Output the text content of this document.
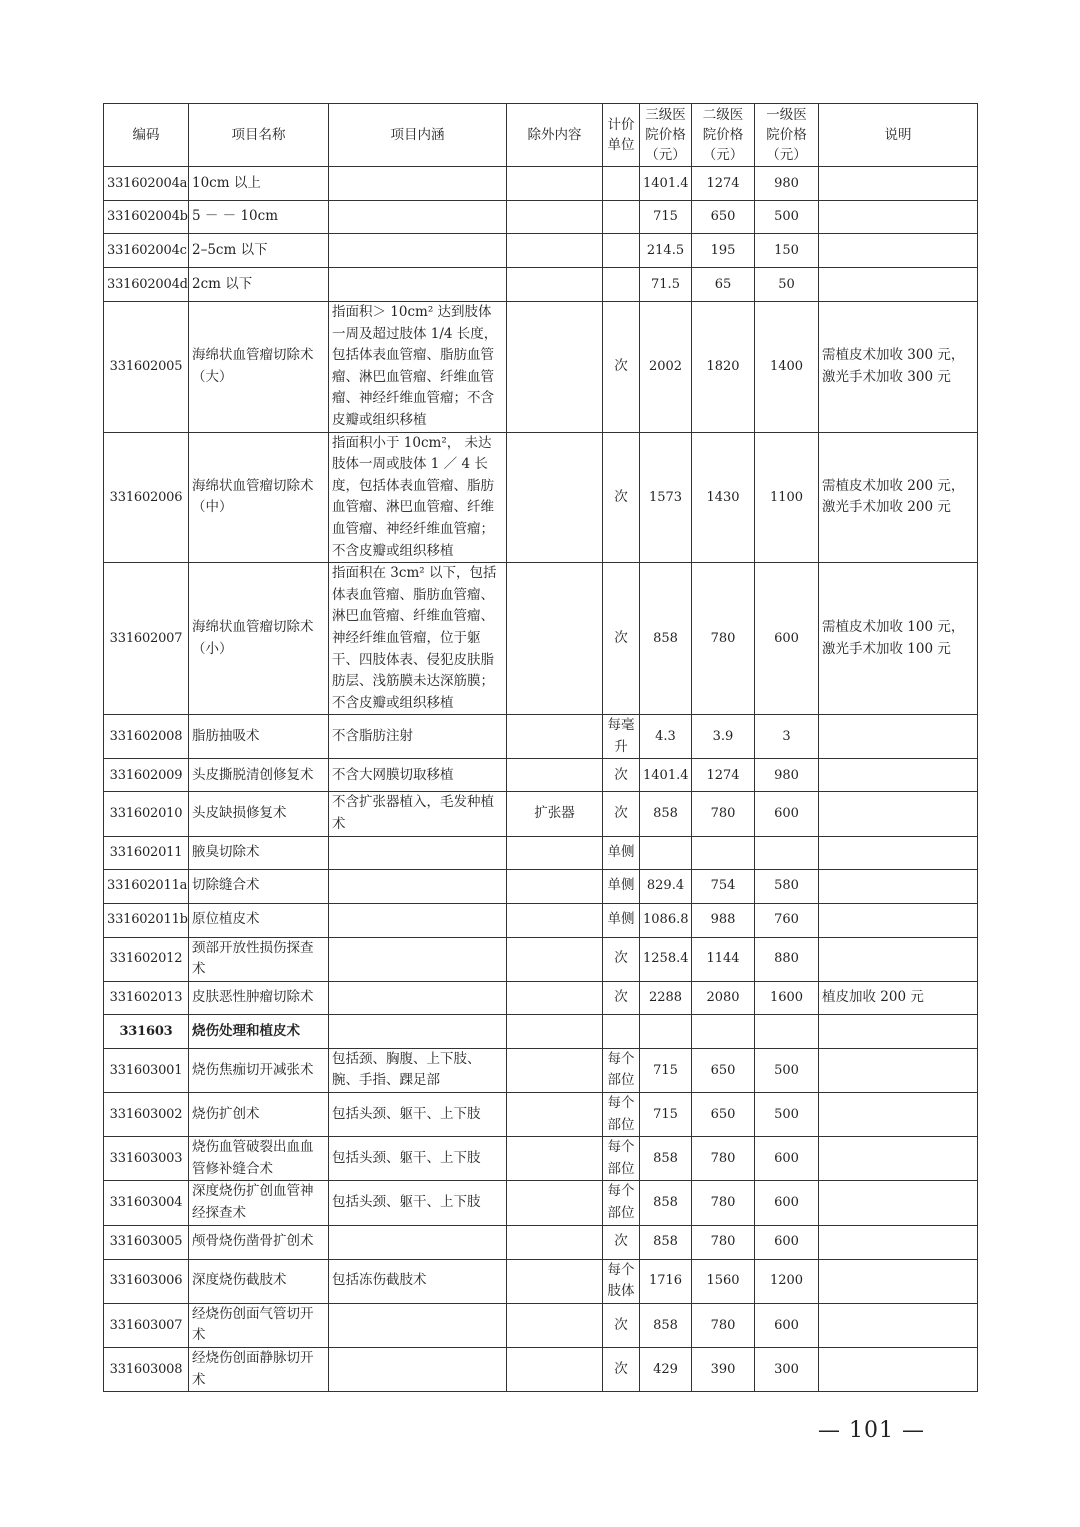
编码	项目名称	项目内涵	除外内容	计价单位	三级医院价格（元）	二级医院价格（元）	一级医院价格（元）	说明
331602004a	10cm 以上				1401.4	1274	980	
331602004b	5 － － 10cm				715	650	500	
331602004c	2–5cm 以下				214.5	195	150	
331602004d	2cm 以下				71.5	65	50	
331602005	海绵状血管瘤切除术（大）	指面积＞ 10cm² 达到肢体一周及超过肢体 1/4 长度，包括体表血管瘤、脂肪血管瘤、淋巴血管瘤、纤维血管瘤、神经纤维血管瘤；不含皮瓣或组织移植		次	2002	1820	1400	需植皮术加收 300 元，激光手术加收 300 元
331602006	海绵状血管瘤切除术（中）	指面积小于 10cm²， 未达肢体一周或肢体 1 ／ 4 长度，包括体表血管瘤、脂肪血管瘤、淋巴血管瘤、纤维血管瘤、神经纤维血管瘤；不含皮瓣或组织移植		次	1573	1430	1100	需植皮术加收 200 元，激光手术加收 200 元
331602007	海绵状血管瘤切除术（小）	指面积在 3cm² 以下，包括体表血管瘤、脂肪血管瘤、淋巴血管瘤、纤维血管瘤、神经纤维血管瘤，位于躯干、四肢体表、侵犯皮肤脂肪层、浅筋膜未达深筋膜；不含皮瓣或组织移植		次	858	780	600	需植皮术加收 100 元，激光手术加收 100 元
331602008	脂肪抽吸术	不含脂肪注射		每毫升	4.3	3.9	3	
331602009	头皮撕脱清创修复术	不含大网膜切取移植		次	1401.4	1274	980	
331602010	头皮缺损修复术	不含扩张器植入，毛发种植术	扩张器	次	858	780	600	
331602011	腋臭切除术			单侧				
331602011a	切除缝合术			单侧	829.4	754	580	
331602011b	原位植皮术			单侧	1086.8	988	760	
331602012	颈部开放性损伤探查术			次	1258.4	1144	880	
331602013	皮肤恶性肿瘤切除术			次	2288	2080	1600	植皮加收 200 元
331603	烧伤处理和植皮术							
331603001	烧伤焦痂切开减张术	包括颈、胸腹、上下肢、腕、手指、踝足部		每个部位	715	650	500	
331603002	烧伤扩创术	包括头颈、躯干、上下肢		每个部位	715	650	500	
331603003	烧伤血管破裂出血血管修补缝合术	包括头颈、躯干、上下肢		每个部位	858	780	600	
331603004	深度烧伤扩创血管神经探查术	包括头颈、躯干、上下肢		每个部位	858	780	600	
331603005	颅骨烧伤凿骨扩创术			次	858	780	600	
331603006	深度烧伤截肢术	包括冻伤截肢术		每个肢体	1716	1560	1200	
331603007	经烧伤创面气管切开术			次	858	780	600	
331603008	经烧伤创面静脉切开术			次	429	390	300	
— 101 —
